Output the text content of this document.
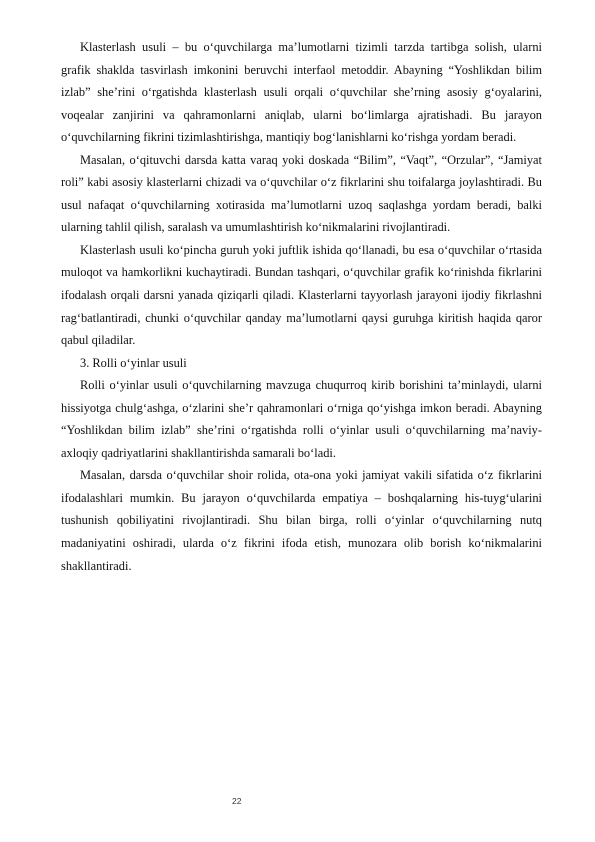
Klasterlash usuli – bu o‘quvchilarga ma’lumotlarni tizimli tarzda tartibga solish, ularni grafik shaklda tasvirlash imkonini beruvchi interfaol metoddir. Abayning “Yoshlikdan bilim izlab” she’rini o‘rgatishda klasterlash usuli orqali o‘quvchilar she’rning asosiy g‘oyalarini, voqealar zanjirini va qahramonlarni aniqlab, ularni bo‘limlarga ajratishadi. Bu jarayon o‘quvchilarning fikrini tizimlashtirishga, mantiqiy bog‘lanishlarni ko‘rishga yordam beradi.

Masalan, o‘qituvchi darsda katta varaq yoki doskada “Bilim”, “Vaqt”, “Orzular”, “Jamiyat roli” kabi asosiy klasterlarni chizadi va o‘quvchilar o‘z fikrlarini shu toifalarga joylashtiradi. Bu usul nafaqat o‘quvchilarning xotirasida ma’lumotlarni uzoq saqlashga yordam beradi, balki ularning tahlil qilish, saralash va umumlashtirish ko‘nikmalarini rivojlantiradi.

Klasterlash usuli ko‘pincha guruh yoki juftlik ishida qo‘llanadi, bu esa o‘quvchilar o‘rtasida muloqot va hamkorlikni kuchaytiradi. Bundan tashqari, o‘quvchilar grafik ko‘rinishda fikrlarini ifodalash orqali darsni yanada qiziqarli qiladi. Klasterlarni tayyorlash jarayoni ijodiy fikrlashni rag‘batlantiradi, chunki o‘quvchilar qanday ma’lumotlarni qaysi guruhga kiritish haqida qaror qabul qiladilar.

3. Rolli o‘yinlar usuli

Rolli o‘yinlar usuli o‘quvchilarning mavzuga chuqurroq kirib borishini ta’minlaydi, ularni hissiyotga chulg‘ashga, o‘zlarini she’r qahramonlari o‘rniga qo‘yishga imkon beradi. Abayning “Yoshlikdan bilim izlab” she’rini o‘rgatishda rolli o‘yinlar usuli o‘quvchilarning ma’naviy-axloqiy qadriyatlarini shakllantirishda samarali bo‘ladi.

Masalan, darsda o‘quvchilar shoir rolida, ota-ona yoki jamiyat vakili sifatida o‘z fikrlarini ifodalashlari mumkin. Bu jarayon o‘quvchilarda empatiya – boshqalarning his-tuyg‘ularini tushunish qobiliyatini rivojlantiradi. Shu bilan birga, rolli o‘yinlar o‘quvchilarning nutq madaniyatini oshiradi, ularda o‘z fikrini ifoda etish, munozara olib borish ko‘nikmalarini shakllantiradi.

22
